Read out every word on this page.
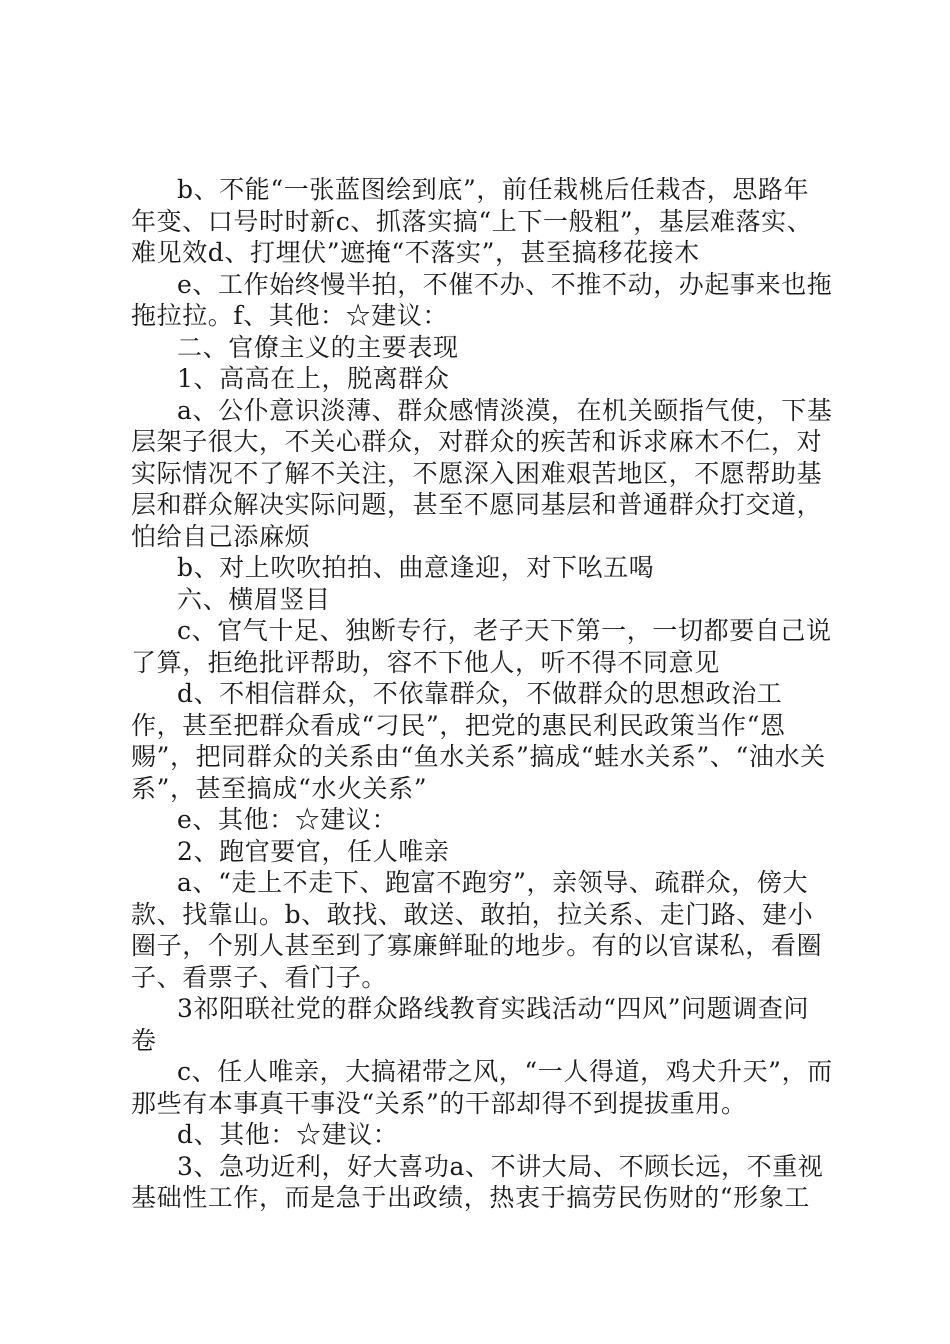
b、不能“一张蓝图绘到底”，前任栽桃后任栽杏，思路年年变、口号时时新c、抓落实搞“上下一般粗”，基层难落实、难见效d、打埋伏”遮掩“不落实”，甚至搞移花接木

e、工作始终慢半拍，不催不办、不推不动，办起事来也拖拖拉拉。f、其他：☆建议：

二、官僚主义的主要表现

1、高高在上，脱离群众

a、公仆意识淡薄、群众感情淡漠，在机关颐指气使，下基层架子很大，不关心群众，对群众的疾苦和诉求麻木不仁，对实际情况不了解不关注，不愿深入困难艰苦地区，不愿帮助基层和群众解决实际问题，甚至不愿同基层和普通群众打交道，怕给自己添麻烦

b、对上吹吹拍拍、曲意逢迎，对下吆五喝

六、横眉竖目

c、官气十足、独断专行，老子天下第一，一切都要自己说了算，拒绝批评帮助，容不下他人，听不得不同意见

d、不相信群众，不依靠群众，不做群众的思想政治工作，甚至把群众看成“刁民”，把党的惠民利民政策当作“恩赐”，把同群众的关系由“鱼水关系”搞成“蛙水关系”、“油水关系”，甚至搞成“水火关系”

e、其他：☆建议：

2、跑官要官，任人唯亲

a、“走上不走下、跑富不跑穷”，亲领导、疏群众，傍大款、找靠山。b、敢找、敢送、敢拍，拉关系、走门路、建小圈子，个别人甚至到了寡廉鲜耻的地步。有的以官谋私，看圈子、看票子、看门子。

3祁阳联社党的群众路线教育实践活动“四风”问题调查问卷

c、任人唯亲，大搞裙带之风，“一人得道，鸡犬升天”，而那些有本事真干事没“关系”的干部却得不到提拔重用。

d、其他：☆建议：

3、急功近利，好大喜功a、不讲大局、不顾长远，不重视基础性工作，而是急于出政绩，热衷于搞劳民伤财的“形象工
